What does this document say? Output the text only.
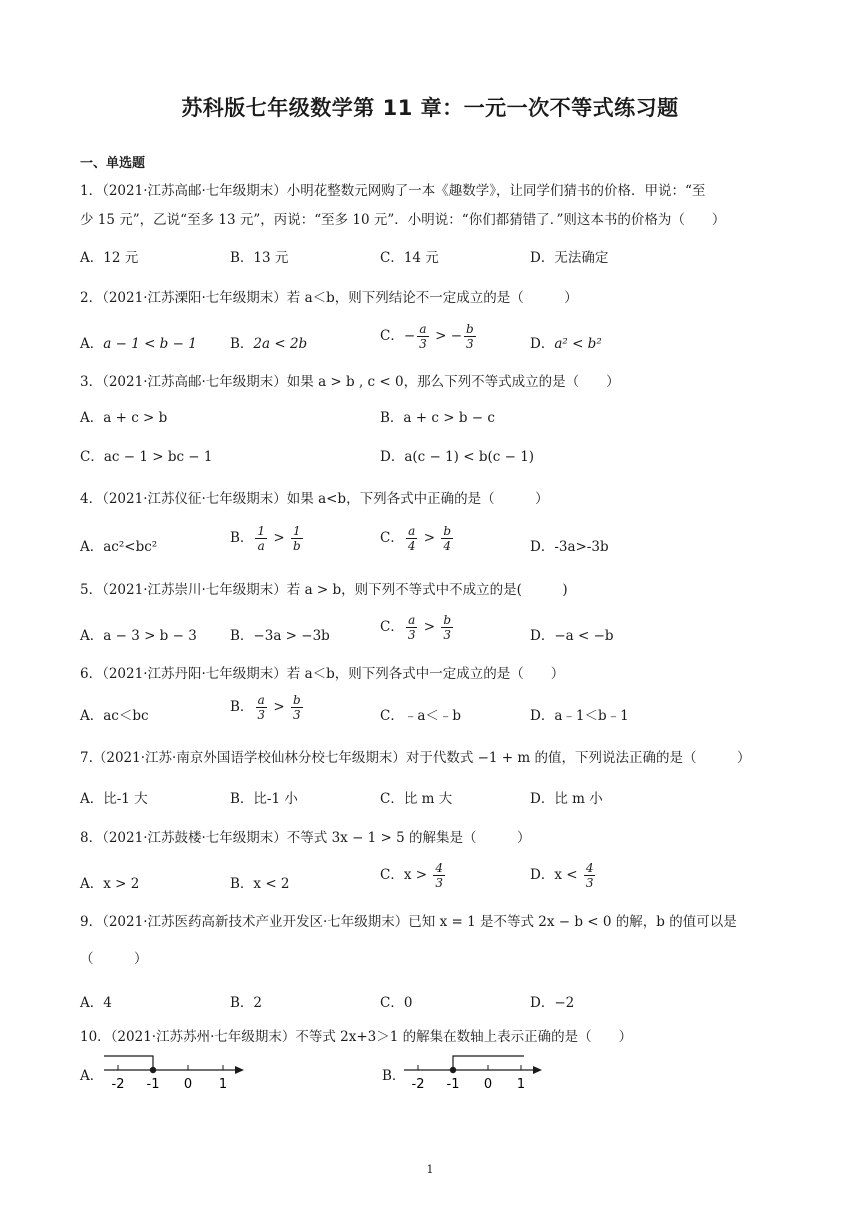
苏科版七年级数学第 11 章：一元一次不等式练习题
一、单选题
1．（2021·江苏高邮·七年级期末）小明花整数元网购了一本《趣数学》，让同学们猜书的价格．甲说：“至
少 15 元”，乙说“至多 13 元”，丙说：“至多 10 元”．小明说：“你们都猜错了．”则这本书的价格为（　　）
A．12 元	B．13 元	C．14 元	D．无法确定
2．（2021·江苏溧阳·七年级期末）若 a＜b，则下列结论不一定成立的是（　　　）
A．a − 1 < b − 1 B．2a < 2b	C．− $\frac{a}{3}$ > − $\frac{b}{3}$	D．a² < b²
3．（2021·江苏高邮·七年级期末）如果 a > b , c < 0，那么下列不等式成立的是（　　）
A．a + c > b	B．a + c > b − c
C．ac − 1 > bc − 1	D．a(c − 1) < b(c − 1)
4．（2021·江苏仪征·七年级期末）如果 a<b，下列各式中正确的是（　　　）
A．ac²<bc²
B． $\frac{1}{a} > \frac{1}{b}$	C． $\frac{a}{4} > \frac{b}{4}$	D．-3a>-3b
5．（2021·江苏崇川·七年级期末）若 a > b，则下列不等式中不成立的是(　　　)
A．a − 3 > b − 3 B．−3a > −3b
C． $\frac{a}{3} > \frac{b}{3}$	D．−a < −b
6．（2021·江苏丹阳·七年级期末）若 a＜b，则下列各式中一定成立的是（　　）
A．ac＜bc
B． $\frac{a}{3} > \frac{b}{3}$	C．﹣a＜﹣b	D．a﹣1＜b﹣1
7.（2021·江苏·南京外国语学校仙林分校七年级期末）对于代数式 −1 + m 的值，下列说法正确的是（　　　）
A．比-1 大	B．比-1 小	C．比 m 大	D．比 m 小
8．（2021·江苏鼓楼·七年级期末）不等式 3x − 1 > 5 的解集是（　　　）
A．x > 2	B．x < 2
C．$x > \frac{4}{3}$	D．$x < \frac{4}{3}$
9．（2021·江苏医药高新技术产业开发区·七年级期末）已知 x = 1 是不等式 2x − b < 0 的解，b 的值可以是
（　　　）
A．4	B．2	C．0	D．−2
10．（2021·江苏苏州·七年级期末）不等式 2x+3＞1 的解集在数轴上表示正确的是（　　）
A．
-2 -1 0 1
B．
-2 -1 0 1
1
